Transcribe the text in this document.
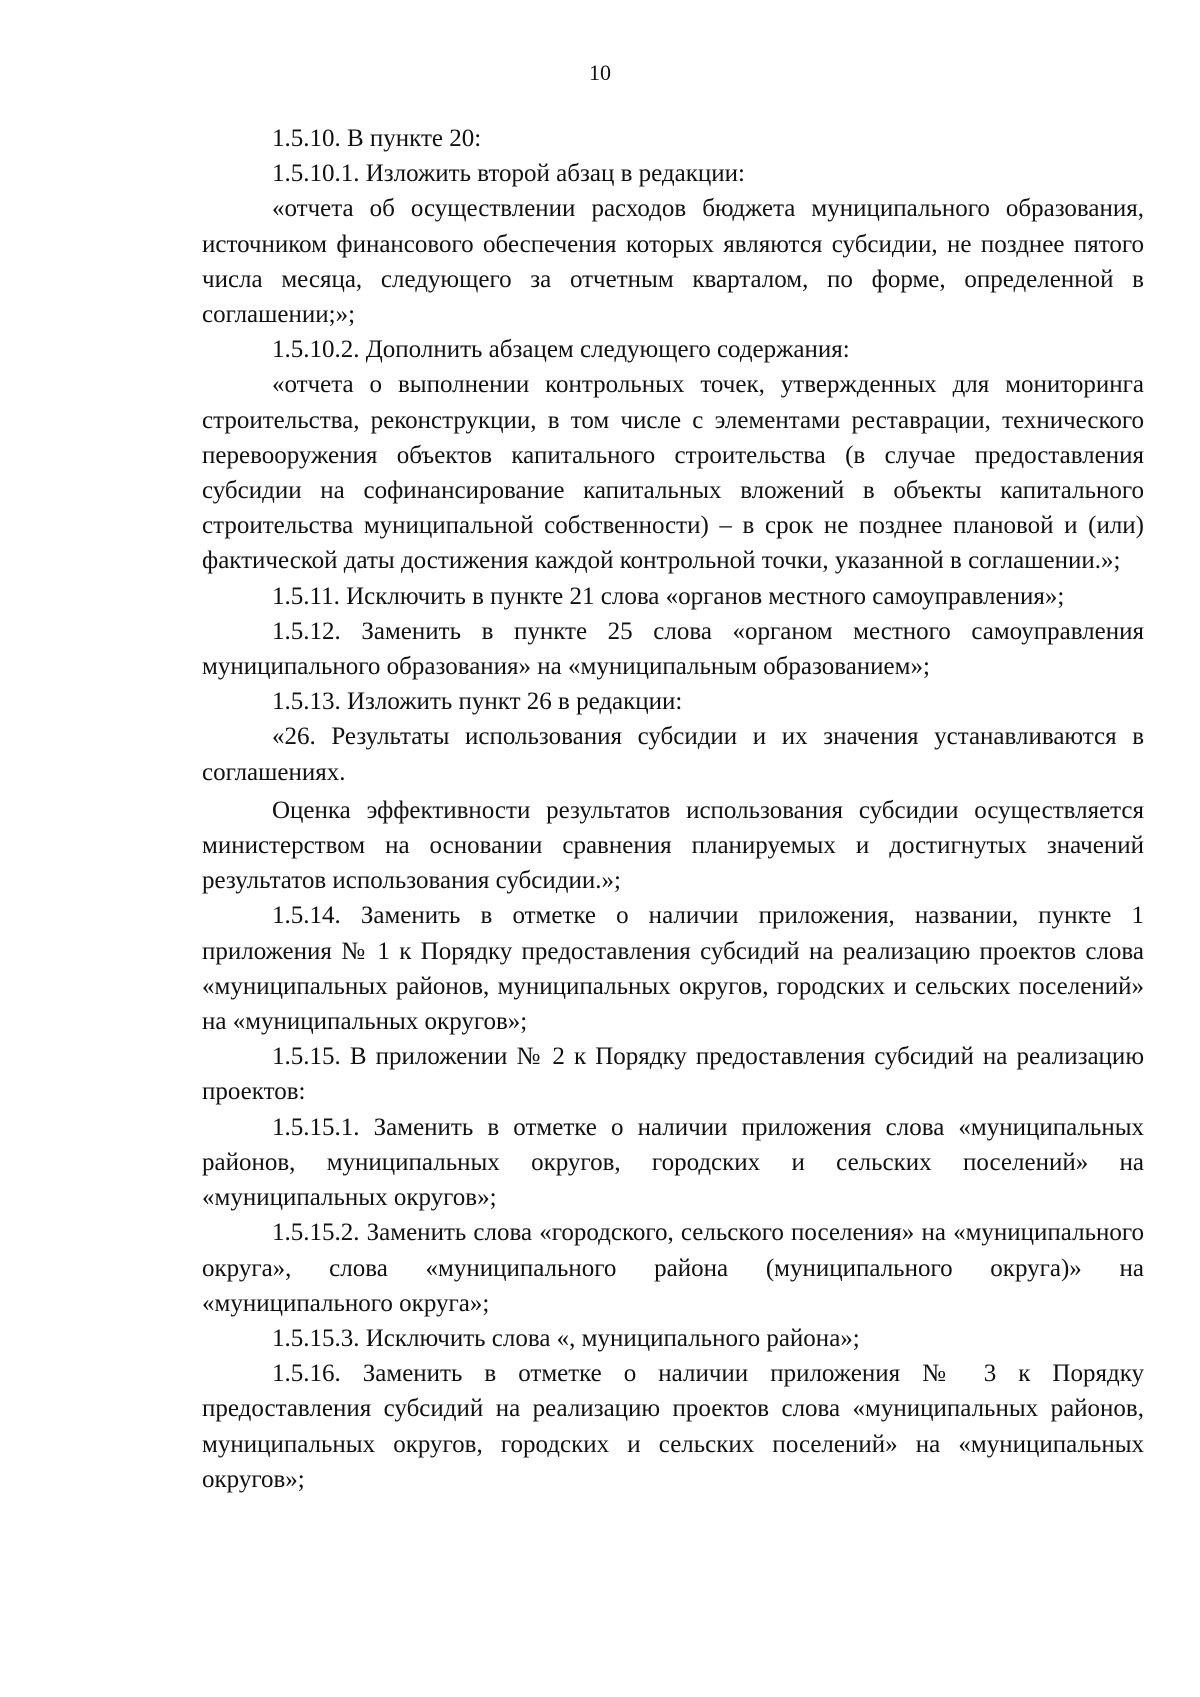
10

1.5.10. В пункте 20:

1.5.10.1. Изложить второй абзац в редакции:

«отчета об осуществлении расходов бюджета муниципального образования, источником финансового обеспечения которых являются субсидии, не позднее пятого числа месяца, следующего за отчетным кварталом, по форме, определенной в соглашении;»;

1.5.10.2. Дополнить абзацем следующего содержания:

«отчета о выполнении контрольных точек, утвержденных для мониторинга строительства, реконструкции, в том числе с элементами реставрации, технического перевооружения объектов капитального строительства (в случае предоставления субсидии на софинансирование капитальных вложений в объекты капитального строительства муниципальной собственности) – в срок не позднее плановой и (или) фактической даты достижения каждой контрольной точки, указанной в соглашении.»;

1.5.11. Исключить в пункте 21 слова «органов местного самоуправления»;

1.5.12. Заменить в пункте 25 слова «органом местного самоуправления муниципального образования» на «муниципальным образованием»;

1.5.13. Изложить пункт 26 в редакции:

«26. Результаты использования субсидии и их значения устанавливаются в соглашениях.

Оценка эффективности результатов использования субсидии осуществляется министерством на основании сравнения планируемых и достигнутых значений результатов использования субсидии.»;

1.5.14. Заменить в отметке о наличии приложения, названии, пункте 1 приложения № 1 к Порядку предоставления субсидий на реализацию проектов слова «муниципальных районов, муниципальных округов, городских и сельских поселений» на «муниципальных округов»;

1.5.15. В приложении № 2 к Порядку предоставления субсидий на реализацию проектов:

1.5.15.1. Заменить в отметке о наличии приложения слова «муниципальных районов, муниципальных округов, городских и сельских поселений» на «муниципальных округов»;

1.5.15.2. Заменить слова «городского, сельского поселения» на «муниципального округа», слова «муниципального района (муниципального округа)» на «муниципального округа»;

1.5.15.3. Исключить слова «, муниципального района»;

1.5.16. Заменить в отметке о наличии приложения № 3 к Порядку предоставления субсидий на реализацию проектов слова «муниципальных районов, муниципальных округов, городских и сельских поселений» на «муниципальных округов»;
